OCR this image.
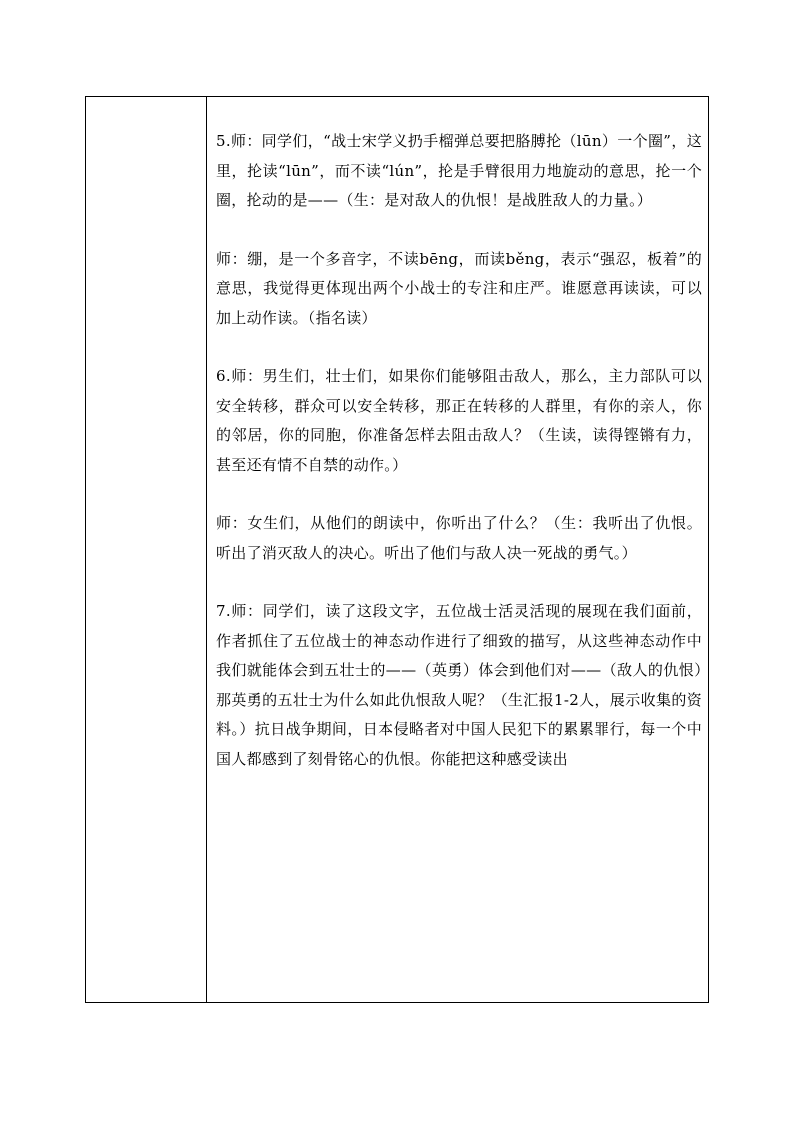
5.师：同学们，“战士宋学义扔手榴弹总要把胳膊抡（lūn）一个圈”，这里，抡读“lūn”，而不读“lún”，抡是手臂很用力地旋动的意思，抡一个圈，抡动的是——（生：是对敌人的仇恨！是战胜敌人的力量。）

师：绷，是一个多音字，不读bēng，而读běng，表示“强忍，板着”的意思，我觉得更体现出两个小战士的专注和庄严。谁愿意再读读，可以加上动作读。（指名读）

6.师：男生们，壮士们，如果你们能够阻击敌人，那么，主力部队可以安全转移，群众可以安全转移，那正在转移的人群里，有你的亲人，你的邻居，你的同胞，你准备怎样去阻击敌人？（生读，读得铿锵有力，甚至还有情不自禁的动作。）

师：女生们，从他们的朗读中，你听出了什么？（生：我听出了仇恨。听出了消灭敌人的决心。听出了他们与敌人决一死战的勇气。）

7.师：同学们，读了这段文字，五位战士活灵活现的展现在我们面前，作者抓住了五位战士的神态动作进行了细致的描写，从这些神态动作中我们就能体会到五壮士的——（英勇）体会到他们对——（敌人的仇恨）那英勇的五壮士为什么如此仇恨敌人呢？（生汇报1-2人，展示收集的资料。）抗日战争期间，日本侵略者对中国人民犯下的累累罪行，每一个中国人都感到了刻骨铭心的仇恨。你能把这种感受读出
